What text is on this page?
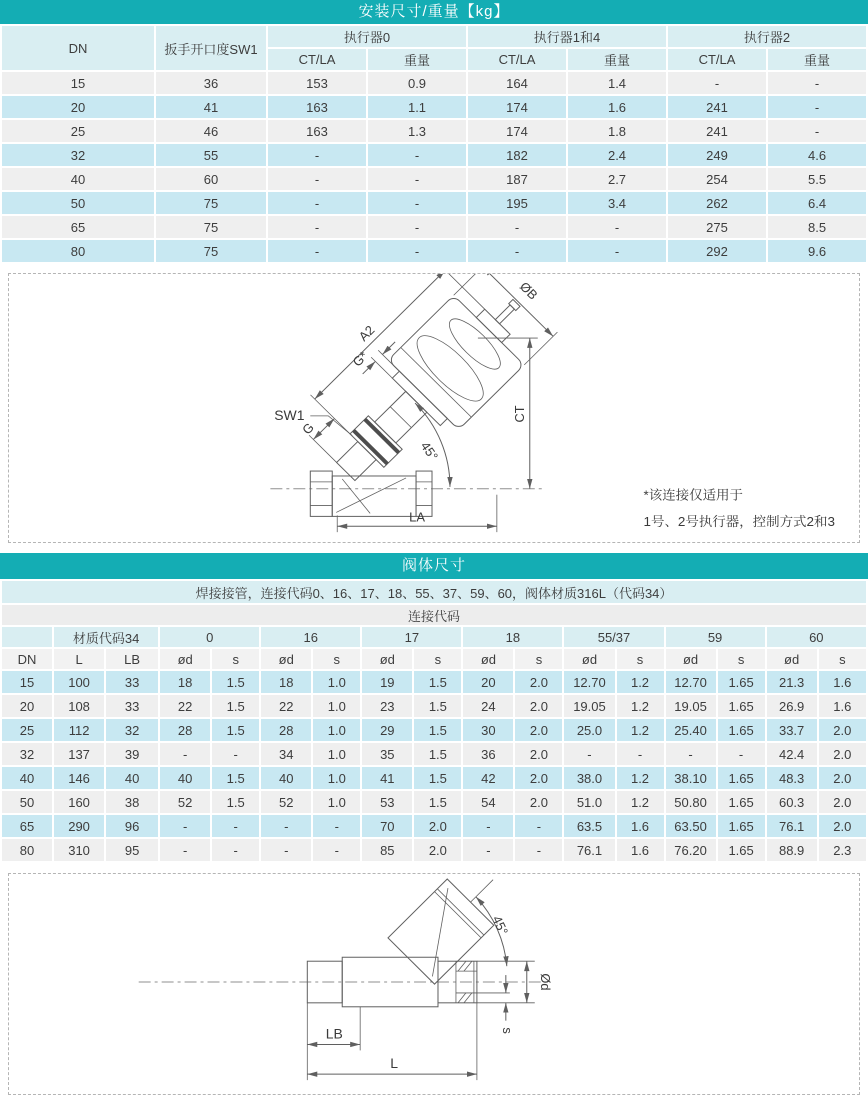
安装尺寸/重量【kg】
DN	扳手开口度SW1	执行器0		执行器1和4		执行器2	
		CT/LA	重量	CT/LA	重量	CT/LA	重量
15	36	153	0.9	164	1.4	-	-
20	41	163	1.1	174	1.6	241	-
25	46	163	1.3	174	1.8	241	-
32	55	-	-	182	2.4	249	4.6
40	60	-	-	187	2.7	254	5.5
50	75	-	-	195	3.4	262	6.4
65	75	-	-	-	-	275	8.5
80	75	-	-	-	-	292	9.6
A2
G
G*
ØB
CT
45°
LA
SW1
*该连接仅适用于
1号、2号执行器，控制方式2和3
阀体尺寸
焊接接管，连接代码0、16、17、18、55、37、59、60，阀体材质316L（代码34）																
连接代码																
	材质代码34		0		16		17		18		55/37		59		60	
DN	L	LB	ød	s	ød	s	ød	s	ød	s	ød	s	ød	s	ød	s
15	100	33	18	1.5	18	1.0	19	1.5	20	2.0	12.70	1.2	12.70	1.65	21.3	1.6
20	108	33	22	1.5	22	1.0	23	1.5	24	2.0	19.05	1.2	19.05	1.65	26.9	1.6
25	112	32	28	1.5	28	1.0	29	1.5	30	2.0	25.0	1.2	25.40	1.65	33.7	2.0
32	137	39	-	-	34	1.0	35	1.5	36	2.0	-	-	-	-	42.4	2.0
40	146	40	40	1.5	40	1.0	41	1.5	42	2.0	38.0	1.2	38.10	1.65	48.3	2.0
50	160	38	52	1.5	52	1.0	53	1.5	54	2.0	51.0	1.2	50.80	1.65	60.3	2.0
65	290	96	-	-	-	-	70	2.0	-	-	63.5	1.6	63.50	1.65	76.1	2.0
80	310	95	-	-	-	-	85	2.0	-	-	76.1	1.6	76.20	1.65	88.9	2.3
45°
Ød
s
LB
L
